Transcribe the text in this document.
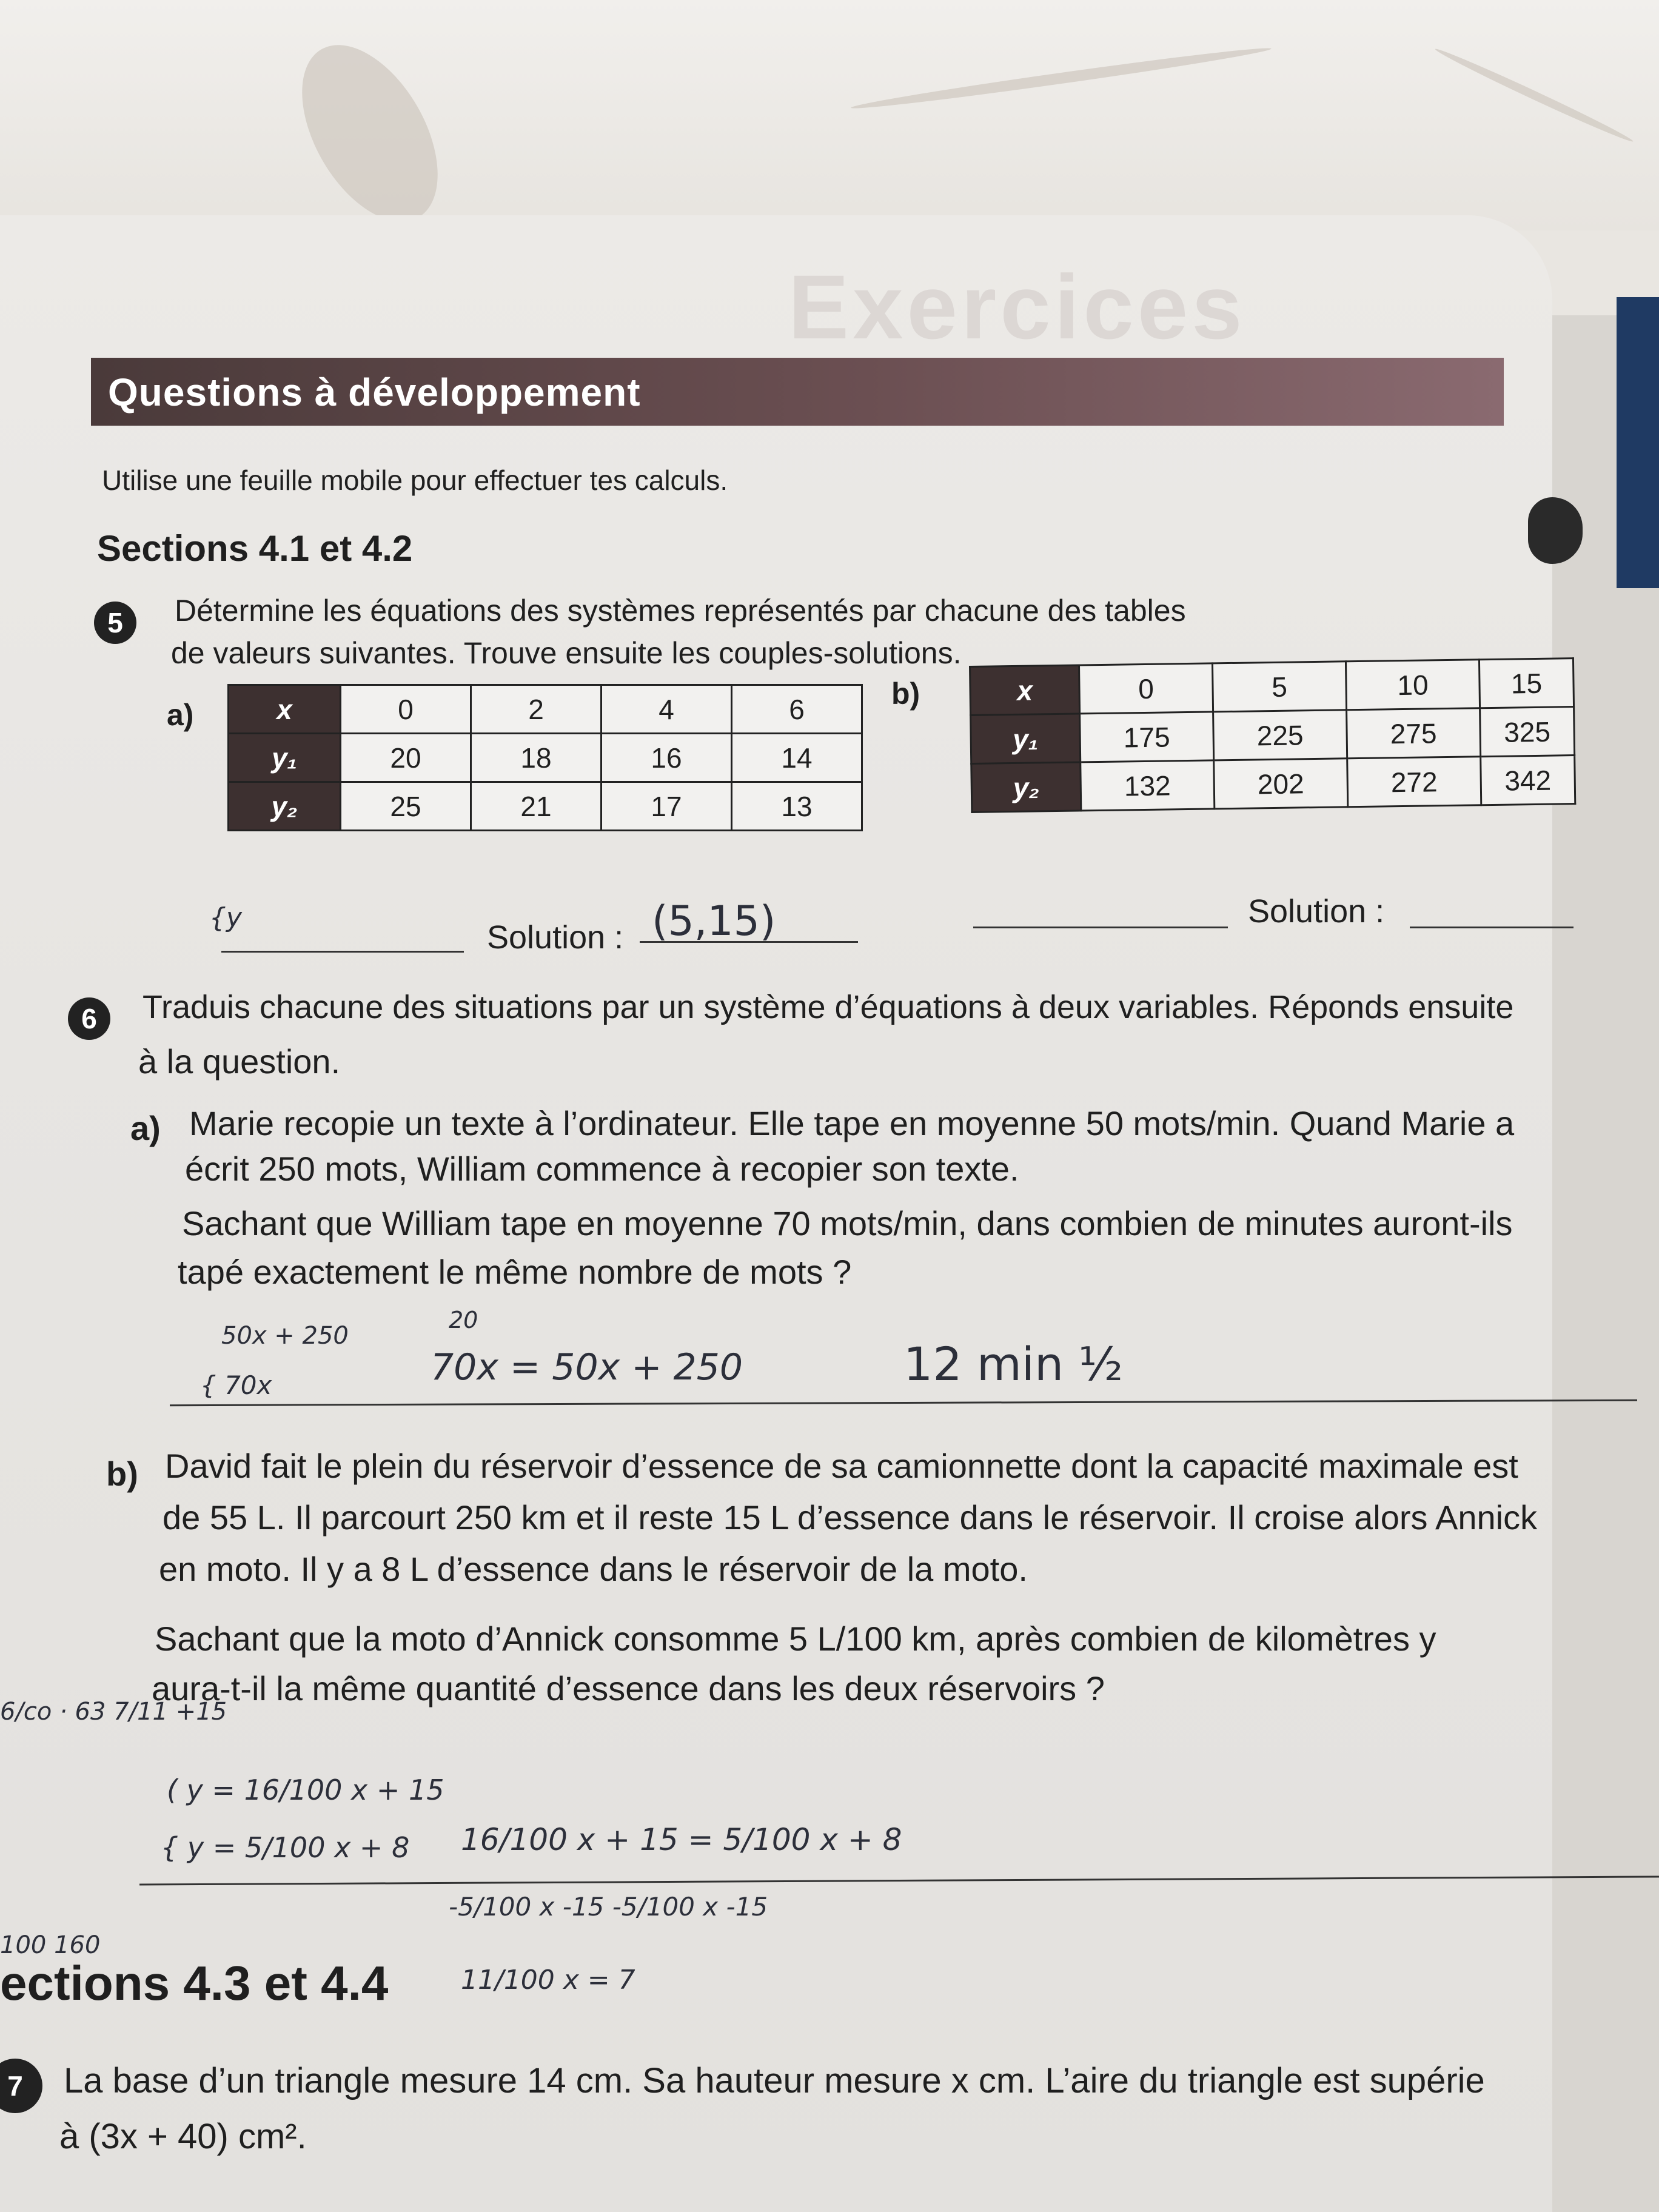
Exercices
Questions à développement
Utilise une feuille mobile pour effectuer tes calculs.
Sections 4.1 et 4.2
5	Détermine les équations des systèmes représentés par chacune des tables
de valeurs suivantes. Trouve ensuite les couples-solutions.
a)	x	0	2	4	6
y₁	20	18	16	14
y₂	25	21	17	13
b)	x	0	5	10	15
y₁	175	225	275	325
y₂	132	202	272	342
{y
Solution : (5,15)	Solution :
6	Traduis chacune des situations par un système d’équations à deux variables. Réponds ensuite
à la question.
a) Marie recopie un texte à l’ordinateur. Elle tape en moyenne 50 mots/min. Quand Marie a
écrit 250 mots, William commence à recopier son texte.
Sachant que William tape en moyenne 70 mots/min, dans combien de minutes auront-ils
tapé exactement le même nombre de mots ?
50x + 250
20
{ 70x	70x = 50x + 250	12 min ½
b) David fait le plein du réservoir d’essence de sa camionnette dont la capacité maximale est
de 55 L. Il parcourt 250 km et il reste 15 L d’essence dans le réservoir. Il croise alors Annick
en moto. Il y a 8 L d’essence dans le réservoir de la moto.
Sachant que la moto d’Annick consomme 5 L/100 km, après combien de kilomètres y
aura-t-il la même quantité d’essence dans les deux réservoirs ?
6/co · 63 7/11 +15
( y = 16/100 x + 15
{ y = 5/100 x + 8 16/100 x + 15 = 5/100 x + 8
-5/100 x -15 -5/100 x -15
100 160
11/100 x = 7
ections 4.3 et 4.4
7	La base d’un triangle mesure 14 cm. Sa hauteur mesure x cm. L’aire du triangle est supérie
à (3x + 40) cm².
